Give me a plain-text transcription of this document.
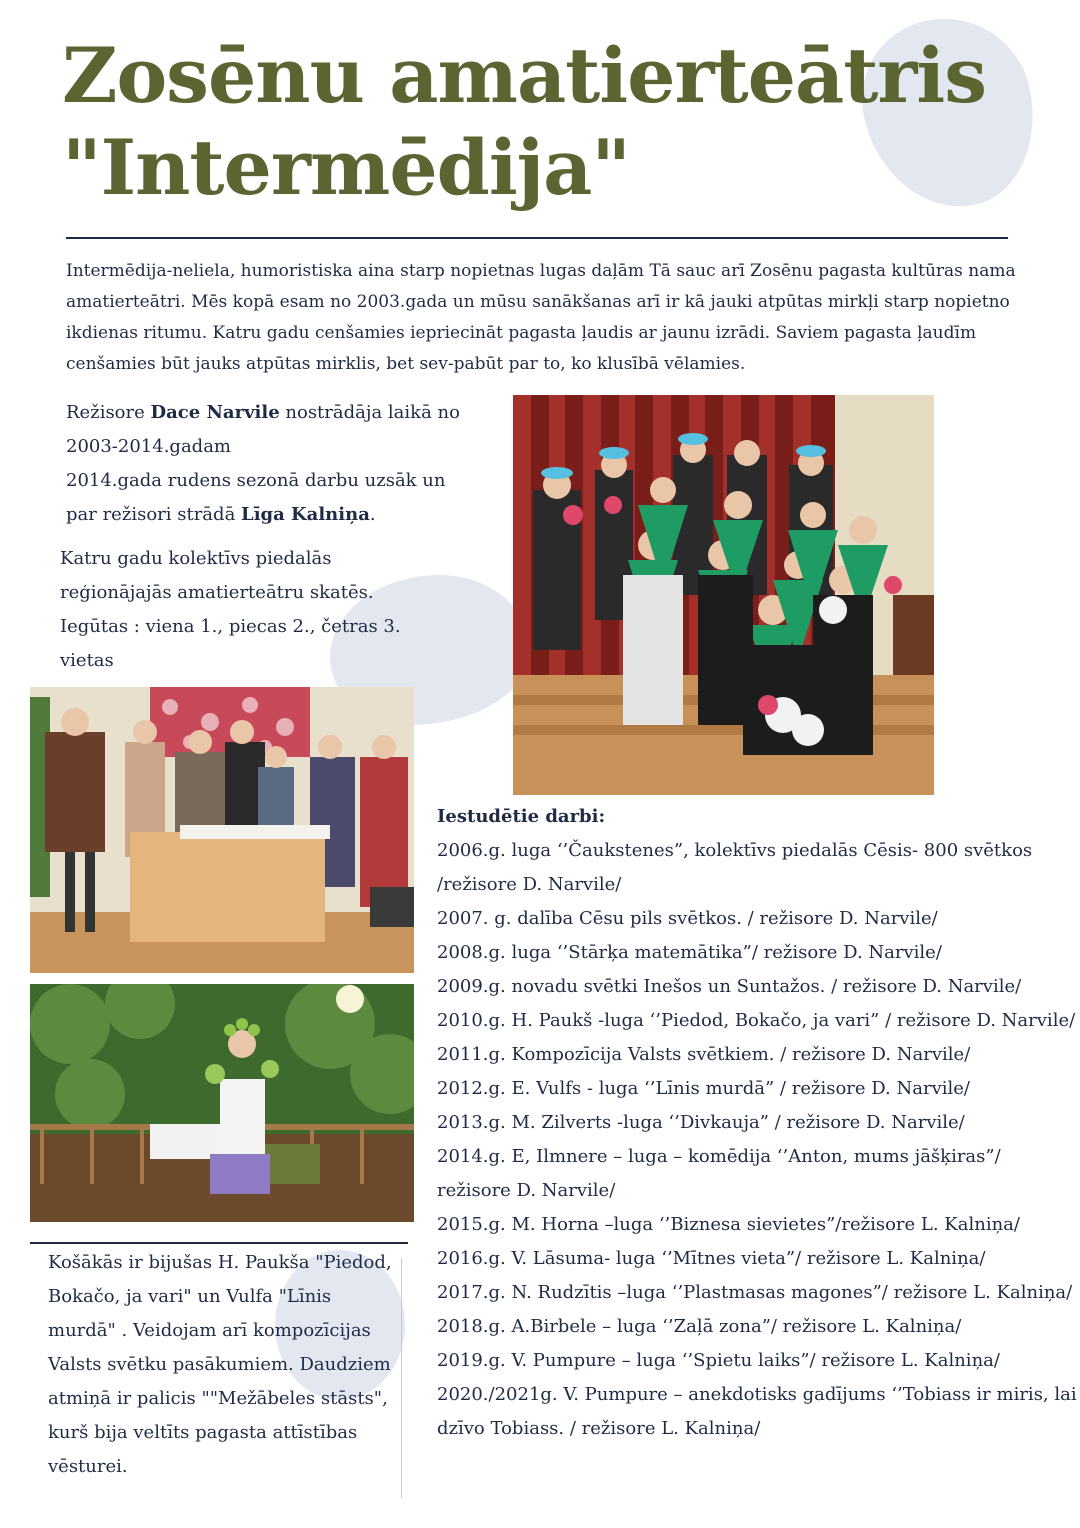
Zosēnu amatierteātris
"Intermēdija"

Intermēdija-neliela, humoristiska aina starp nopietnas lugas daļām Tā sauc arī Zosēnu pagasta kultūras nama amatierteātri. Mēs kopā esam no 2003.gada un mūsu sanākšanas arī ir kā jauki atpūtas mirkļi starp nopietno ikdienas ritumu. Katru gadu cenšamies iepriecināt pagasta ļaudis ar jaunu izrādi. Saviem pagasta ļaudīm cenšamies būt jauks atpūtas mirklis, bet sev-pabūt par to, ko klusībā vēlamies.

Režisore Dace Narvile nostrādāja laikā no 2003-2014.gadam
2014.gada rudens sezonā darbu uzsāk un par režisori strādā Līga Kalniņa.

Katru gadu kolektīvs piedalās reģionājajās amatierteātru skatēs. Iegūtas : viena 1., piecas 2., četras 3. vietas

Iestudētie darbi:

2006.g. luga ‘’Čaukstenes”, kolektīvs piedalās Cēsis- 800 svētkos /režisore D. Narvile/
2007. g. dalība Cēsu pils svētkos. / režisore D. Narvile/
2008.g. luga ‘’Stārķa matemātika”/ režisore D. Narvile/
2009.g. novadu svētki Inešos un Suntažos. / režisore D. Narvile/
2010.g. H. Paukš -luga ‘’Piedod, Bokačo, ja vari” / režisore D. Narvile/
2011.g. Kompozīcija Valsts svētkiem. / režisore D. Narvile/
2012.g. E. Vulfs - luga ‘’Līnis murdā” / režisore D. Narvile/
2013.g. M. Zilverts -luga ‘’Divkauja” / režisore D. Narvile/
2014.g. E, Ilmnere – luga – komēdija ‘’Anton, mums jāšķiras”/ režisore D. Narvile/
2015.g. M. Horna –luga ‘’Biznesa sievietes”/režisore L. Kalniņa/
2016.g. V. Lāsuma- luga ‘’Mītnes vieta”/ režisore L. Kalniņa/
2017.g. N. Rudzītis –luga ‘’Plastmasas magones”/ režisore L. Kalniņa/
2018.g. A.Birbele – luga ‘’Zaļā zona”/ režisore L. Kalniņa/
2019.g. V. Pumpure – luga ‘’Spietu laiks”/ režisore L. Kalniņa/
2020./2021g. V. Pumpure – anekdotisks gadījums ‘’Tobiass ir miris, lai dzīvo Tobiass. / režisore L. Kalniņa/

Košākās ir bijušas H. Paukša "Piedod, Bokačo, ja vari" un Vulfa "Līnis murdā" . Veidojam arī kompozīcijas Valsts svētku pasākumiem. Daudziem atmiņā ir palicis ""Mežābeles stāsts", kurš bija veltīts pagasta attīstības vēsturei.
